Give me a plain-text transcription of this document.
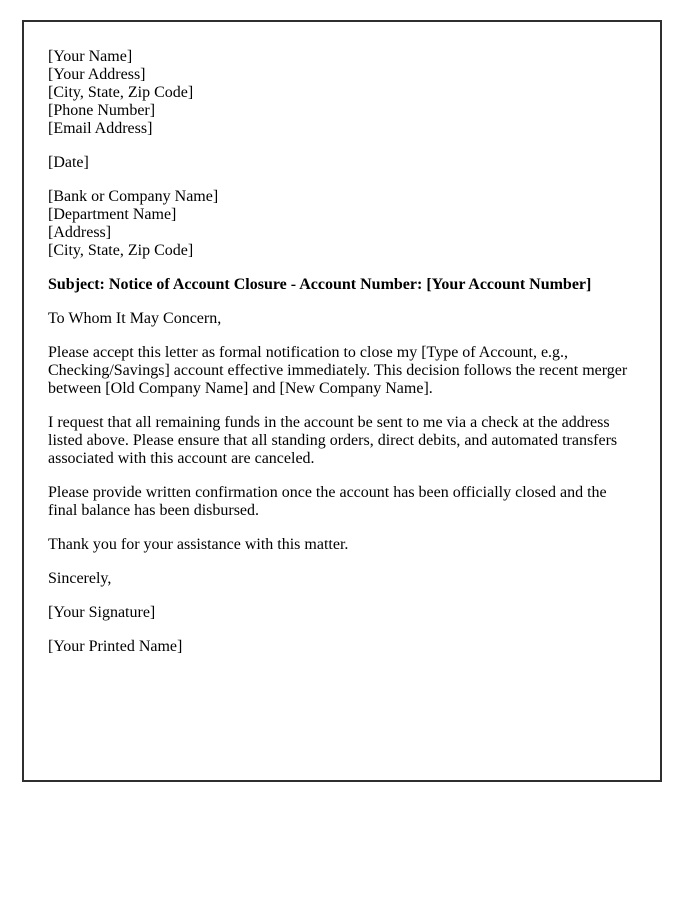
[Your Name]
[Your Address]
[City, State, Zip Code]
[Phone Number]
[Email Address]
[Date]
[Bank or Company Name]
[Department Name]
[Address]
[City, State, Zip Code]
Subject: Notice of Account Closure - Account Number: [Your Account Number]
To Whom It May Concern,
Please accept this letter as formal notification to close my [Type of Account, e.g., Checking/Savings] account effective immediately. This decision follows the recent merger between [Old Company Name] and [New Company Name].
I request that all remaining funds in the account be sent to me via a check at the address listed above. Please ensure that all standing orders, direct debits, and automated transfers associated with this account are canceled.
Please provide written confirmation once the account has been officially closed and the final balance has been disbursed.
Thank you for your assistance with this matter.
Sincerely,
[Your Signature]
[Your Printed Name]
